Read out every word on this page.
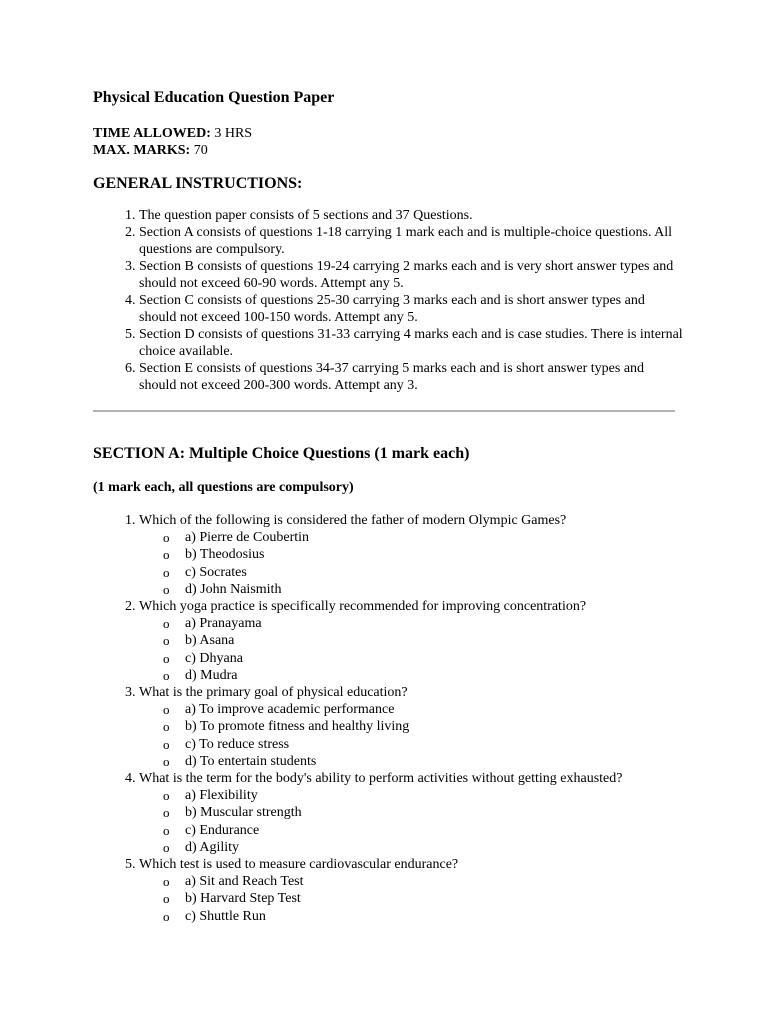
Physical Education Question Paper
TIME ALLOWED: 3 HRS
MAX. MARKS: 70
GENERAL INSTRUCTIONS:
1. The question paper consists of 5 sections and 37 Questions.
2. Section A consists of questions 1-18 carrying 1 mark each and is multiple-choice questions. All questions are compulsory.
3. Section B consists of questions 19-24 carrying 2 marks each and is very short answer types and should not exceed 60-90 words. Attempt any 5.
4. Section C consists of questions 25-30 carrying 3 marks each and is short answer types and should not exceed 100-150 words. Attempt any 5.
5. Section D consists of questions 31-33 carrying 4 marks each and is case studies. There is internal choice available.
6. Section E consists of questions 34-37 carrying 5 marks each and is short answer types and should not exceed 200-300 words. Attempt any 3.
SECTION A: Multiple Choice Questions (1 mark each)

(1 mark each, all questions are compulsory)

1. Which of the following is considered the father of modern Olympic Games?
o a) Pierre de Coubertin
o b) Theodosius
o c) Socrates
o d) John Naismith
2. Which yoga practice is specifically recommended for improving concentration?
o a) Pranayama
o b) Asana
o c) Dhyana
o d) Mudra
3. What is the primary goal of physical education?
o a) To improve academic performance
o b) To promote fitness and healthy living
o c) To reduce stress
o d) To entertain students
4. What is the term for the body's ability to perform activities without getting exhausted?
o a) Flexibility
o b) Muscular strength
o c) Endurance
o d) Agility
5. Which test is used to measure cardiovascular endurance?
o a) Sit and Reach Test
o b) Harvard Step Test
o c) Shuttle Run
